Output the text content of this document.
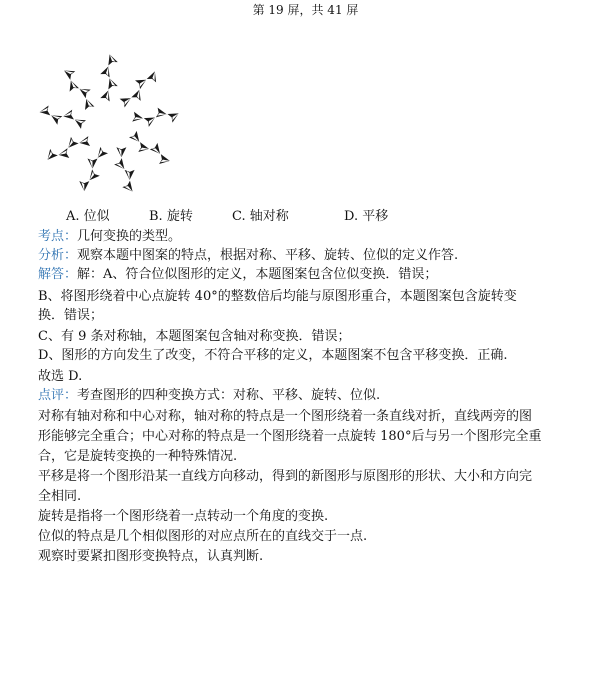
第 19 屏，共 41 屏
A. 位似	B. 旋转	C. 轴对称	D. 平移
考点：几何变换的类型。
分析：观察本题中图案的特点，根据对称、平移、旋转、位似的定义作答.
解答：解：A、符合位似图形的定义，本题图案包含位似变换．错误；
B、将图形绕着中心点旋转 40°的整数倍后均能与原图形重合，本题图案包含旋转变
换．错误；
C、有 9 条对称轴，本题图案包含轴对称变换．错误；
D、图形的方向发生了改变，不符合平移的定义，本题图案不包含平移变换．正确.
故选 D.
点评：考查图形的四种变换方式：对称、平移、旋转、位似.
对称有轴对称和中心对称，轴对称的特点是一个图形绕着一条直线对折，直线两旁的图
形能够完全重合；中心对称的特点是一个图形绕着一点旋转 180°后与另一个图形完全重
合，它是旋转变换的一种特殊情况.
平移是将一个图形沿某一直线方向移动，得到的新图形与原图形的形状、大小和方向完
全相同.
旋转是指将一个图形绕着一点转动一个角度的变换.
位似的特点是几个相似图形的对应点所在的直线交于一点.
观察时要紧扣图形变换特点，认真判断.
